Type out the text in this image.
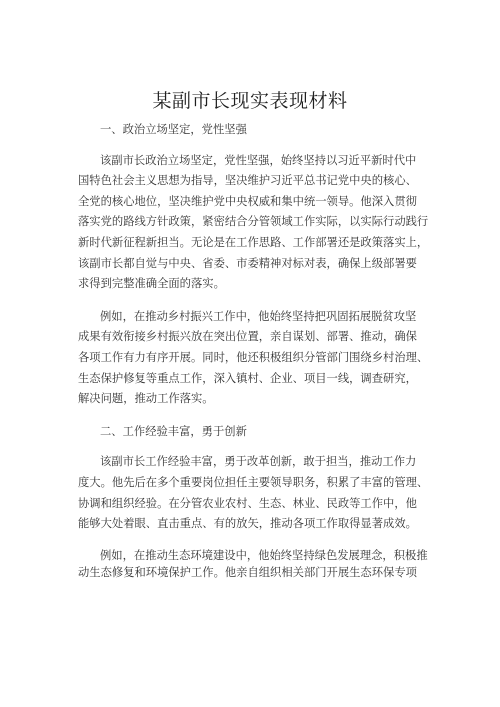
某副市长现实表现材料
一、政治立场坚定，党性坚强
该副市长政治立场坚定，党性坚强，始终坚持以习近平新时代中
国特色社会主义思想为指导，坚决维护习近平总书记党中央的核心、
全党的核心地位，坚决维护党中央权威和集中统一领导。他深入贯彻
落实党的路线方针政策，紧密结合分管领域工作实际，以实际行动践行
新时代新征程新担当。无论是在工作思路、工作部署还是政策落实上，
该副市长都自觉与中央、省委、市委精神对标对表，确保上级部署要
求得到完整准确全面的落实。
例如，在推动乡村振兴工作中，他始终坚持把巩固拓展脱贫攻坚
成果有效衔接乡村振兴放在突出位置，亲自谋划、部署、推动，确保
各项工作有力有序开展。同时，他还积极组织分管部门围绕乡村治理、
生态保护修复等重点工作，深入镇村、企业、项目一线，调查研究，
解决问题，推动工作落实。
二、工作经验丰富，勇于创新
该副市长工作经验丰富，勇于改革创新，敢于担当，推动工作力
度大。他先后在多个重要岗位担任主要领导职务，积累了丰富的管理、
协调和组织经验。在分管农业农村、生态、林业、民政等工作中，他
能够大处着眼、直击重点、有的放矢，推动各项工作取得显著成效。
例如，在推动生态环境建设中，他始终坚持绿色发展理念，积极推
动生态修复和环境保护工作。他亲自组织相关部门开展生态环保专项
